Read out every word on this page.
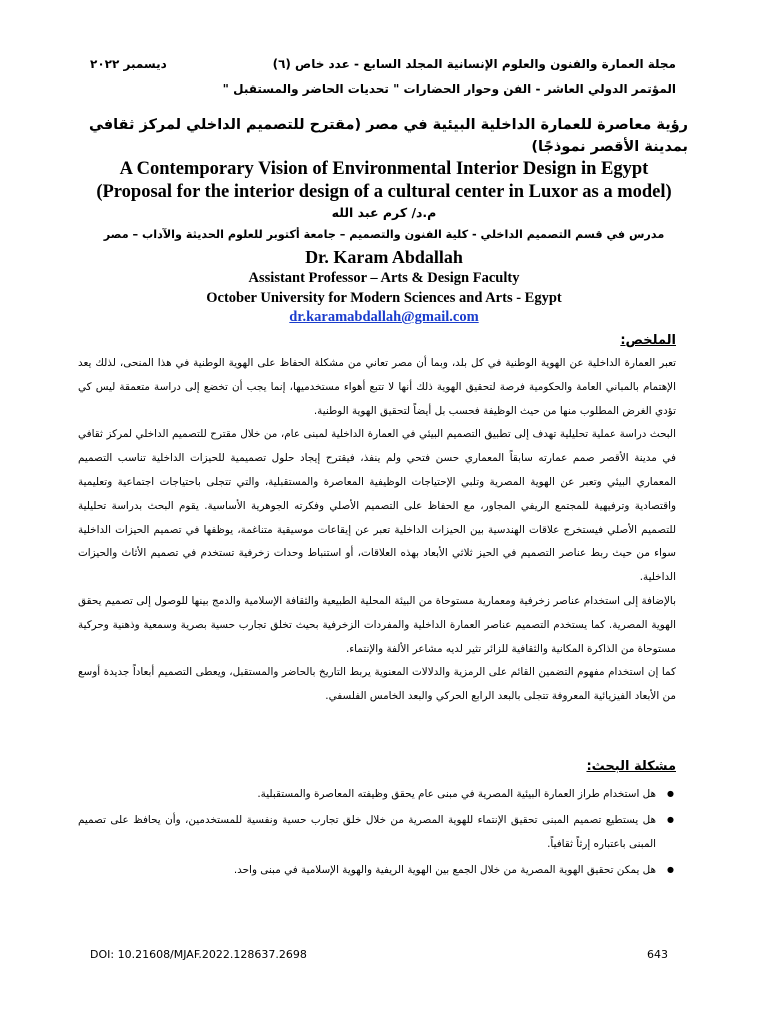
مجلة العمارة والفنون والعلوم الإنسانية المجلد السابع - عدد خاص (٦)
ديسمبر ٢٠٢٢
المؤتمر الدولي العاشر - الفن وحوار الحضارات " تحديات الحاضر والمستقبل "
رؤية معاصرة للعمارة الداخلية البيئية في مصر (مقترح للتصميم الداخلي لمركز ثقافي بمدينة الأقصر نموذجًا)
A Contemporary Vision of Environmental Interior Design in Egypt
(Proposal for the interior design of a cultural center in Luxor as a model)
م.د/ كرم عبد الله
مدرس في قسم التصميم الداخلي - كلية الفنون والتصميم – جامعة أكتوبر للعلوم الحديثة والآداب – مصر
Dr. Karam Abdallah
Assistant Professor – Arts & Design Faculty
October University for Modern Sciences and Arts - Egypt
dr.karamabdallah@gmail.com
الملخص:

تعبر العمارة الداخلية عن الهوية الوطنية في كل بلد، وبما أن مصر تعاني من مشكلة الحفاظ على الهوية الوطنية في هذا المنحى، لذلك يعد الإهتمام بالمباني العامة والحكومية فرصة لتحقيق الهوية ذلك أنها لا تتبع أهواء مستخدميها، إنما يجب أن تخضع إلى دراسة متعمقة ليس كي تؤدي الغرض المطلوب منها من حيث الوظيفة فحسب بل أيضاً لتحقيق الهوية الوطنية.

البحث دراسة عملية تحليلية تهدف إلى تطبيق التصميم البيئي في العمارة الداخلية لمبنى عام، من خلال مقترح للتصميم الداخلي لمركز ثقافي في مدينة الأقصر صمم عمارته سابقاً المعماري حسن فتحي ولم ينفذ، فيقترح إيجاد حلول تصميمية للحيزات الداخلية تناسب التصميم المعماري البيئي وتعبر عن الهوية المصرية وتلبي الإحتياجات الوظيفية المعاصرة والمستقبلية، والتي تتجلى باحتياجات اجتماعية وتعليمية واقتصادية وترفيهية للمجتمع الريفي المجاور، مع الحفاظ على التصميم الأصلي وفكرته الجوهرية الأساسية. يقوم البحث بدراسة تحليلية للتصميم الأصلي فيستخرج علاقات الهندسية بين الحيزات الداخلية تعبر عن إيقاعات موسيقية متناغمة، يوظفها في تصميم الحيزات الداخلية سواء من حيث ربط عناصر التصميم في الحيز ثلاثي الأبعاد بهذه العلاقات، أو استنباط وحدات زخرفية تستخدم في تصميم الأثاث والحيزات الداخلية.

بالإضافة إلى استخدام عناصر زخرفية ومعمارية مستوحاة من البيئة المحلية الطبيعية والثقافة الإسلامية والدمج بينها للوصول إلى تصميم يحقق الهوية المصرية. كما يستخدم التصميم عناصر العمارة الداخلية والمفردات الزخرفية بحيث تخلق تجارب حسية بصرية وسمعية وذهنية وحركية مستوحاة من الذاكرة المكانية والثقافية للزائر تثير لديه مشاعر الألفة والإنتماء.

كما إن استخدام مفهوم التضمين القائم على الرمزية والدلالات المعنوية يربط التاريخ بالحاضر والمستقبل، ويعطى التصميم أبعاداً جديدة أوسع من الأبعاد الفيزيائية المعروفة تتجلى بالبعد الرابع الحركي والبعد الخامس الفلسفي.

مشكلة البحث:
● هل استخدام طراز العمارة البيئية المصرية في مبنى عام يحقق وظيفته المعاصرة والمستقبلية.
● هل يستطيع تصميم المبنى تحقيق الإنتماء للهوية المصرية من خلال خلق تجارب حسية ونفسية للمستخدمين، وأن يحافظ على تصميم المبنى باعتباره إرثاً ثقافياً.
● هل يمكن تحقيق الهوية المصرية من خلال الجمع بين الهوية الريفية والهوية الإسلامية في مبنى واحد.
DOI: 10.21608/MJAF.2022.128637.2698	643
